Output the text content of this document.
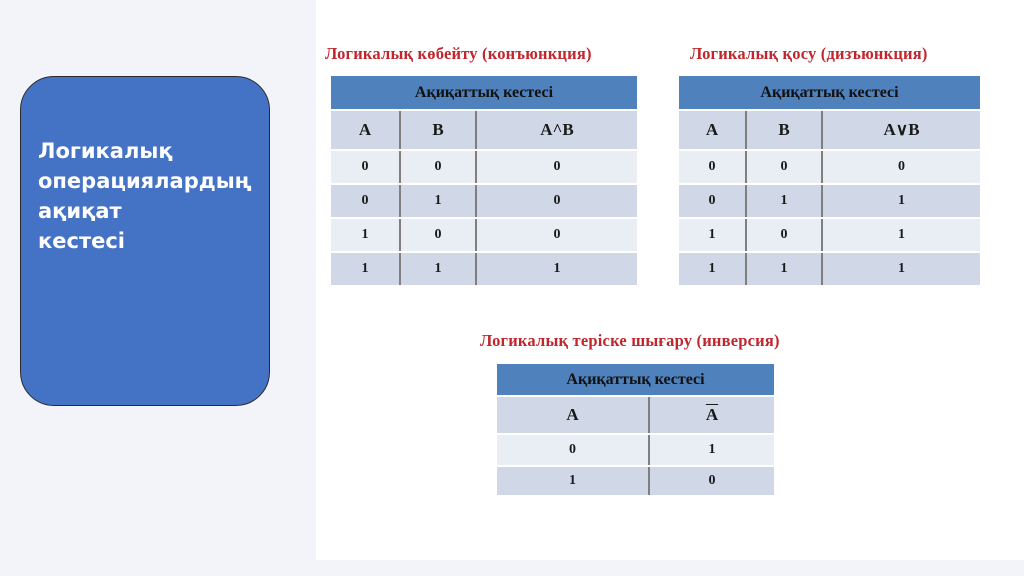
Логикалық
операциялардың
ақиқат
кестесі
Логикалық көбейту (конъюнкция)
Ақиқаттық кестесі		
A	B	A^B
0	0	0
0	1	0
1	0	0
1	1	1
Логикалық қосу (дизъюнкция)
Ақиқаттық кестесі		
A	B	A∨B
0	0	0
0	1	1
1	0	1
1	1	1
Логикалық теріске шығару (инверсия)
Ақиқаттық кестесі	
A	$\overline{A}$
0	1
1	0
